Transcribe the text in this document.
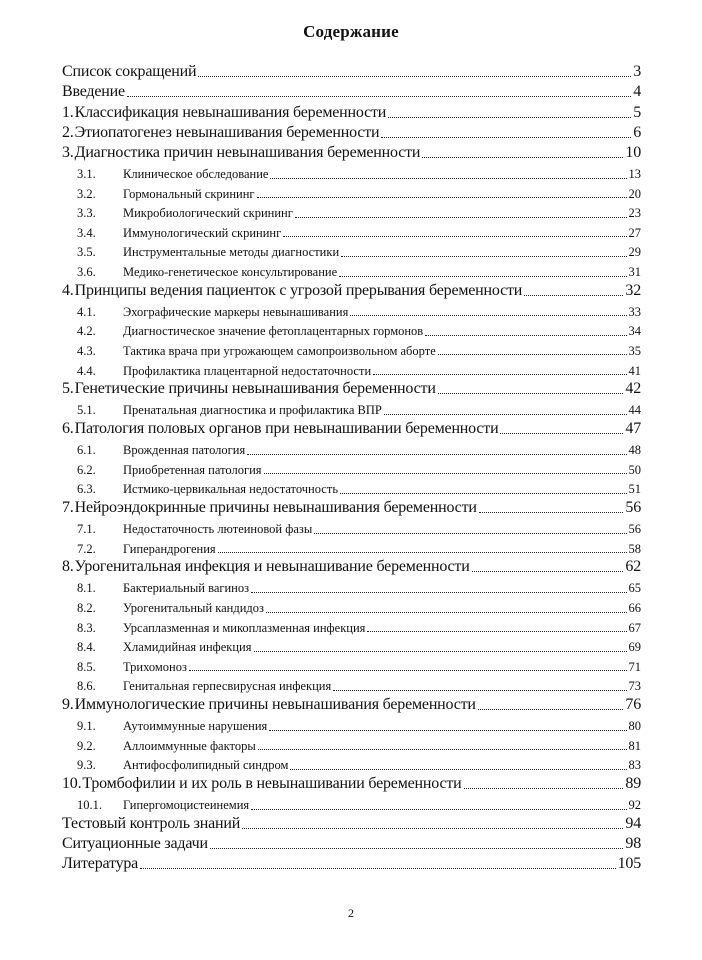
Содержание
Список сокращений	3
Введение	4
1. Классификация невынашивания беременности	5
2. Этиопатогенез невынашивания беременности	6
3. Диагностика причин невынашивания беременности	10
3.1.	Клиническое обследование	13
3.2.	Гормональный скрининг	20
3.3.	Микробиологический скрининг	23
3.4.	Иммунологический скрининг	27
3.5.	Инструментальные методы диагностики	29
3.6.	Медико-генетическое консультирование	31
4. Принципы ведения пациенток с угрозой прерывания беременности	32
4.1.	Эхографические маркеры невынашивания	33
4.2.	Диагностическое значение фетоплацентарных гормонов	34
4.3.	Тактика врача при угрожающем самопроизвольном аборте	35
4.4.	Профилактика плацентарной недостаточности	41
5. Генетические причины невынашивания беременности	42
5.1.	Пренатальная диагностика и профилактика ВПР	44
6. Патология половых органов при невынашивании беременности	47
6.1.	Врожденная патология	48
6.2.	Приобретенная патология	50
6.3.	Истмико-цервикальная недостаточность	51
7. Нейроэндокринные причины невынашивания беременности	56
7.1.	Недостаточность лютеиновой фазы	56
7.2.	Гиперандрогения	58
8. Урогенитальная инфекция и невынашивание беременности	62
8.1.	Бактериальный вагиноз	65
8.2.	Урогенитальный кандидоз	66
8.3.	Урсаплазменная и микоплазменная инфекция	67
8.4.	Хламидийная инфекция	69
8.5.	Трихомоноз	71
8.6.	Генитальная герпесвирусная инфекция	73
9. Иммунологические причины невынашивания беременности	76
9.1.	Аутоиммунные нарушения	80
9.2.	Аллоиммунные факторы	81
9.3.	Антифосфолипидный синдром	83
10. Тромбофилии и их роль в невынашивании беременности	89
10.1.	Гипергомоцистеинемия	92
Тестовый контроль знаний	94
Ситуационные задачи	98
Литература	105
2
